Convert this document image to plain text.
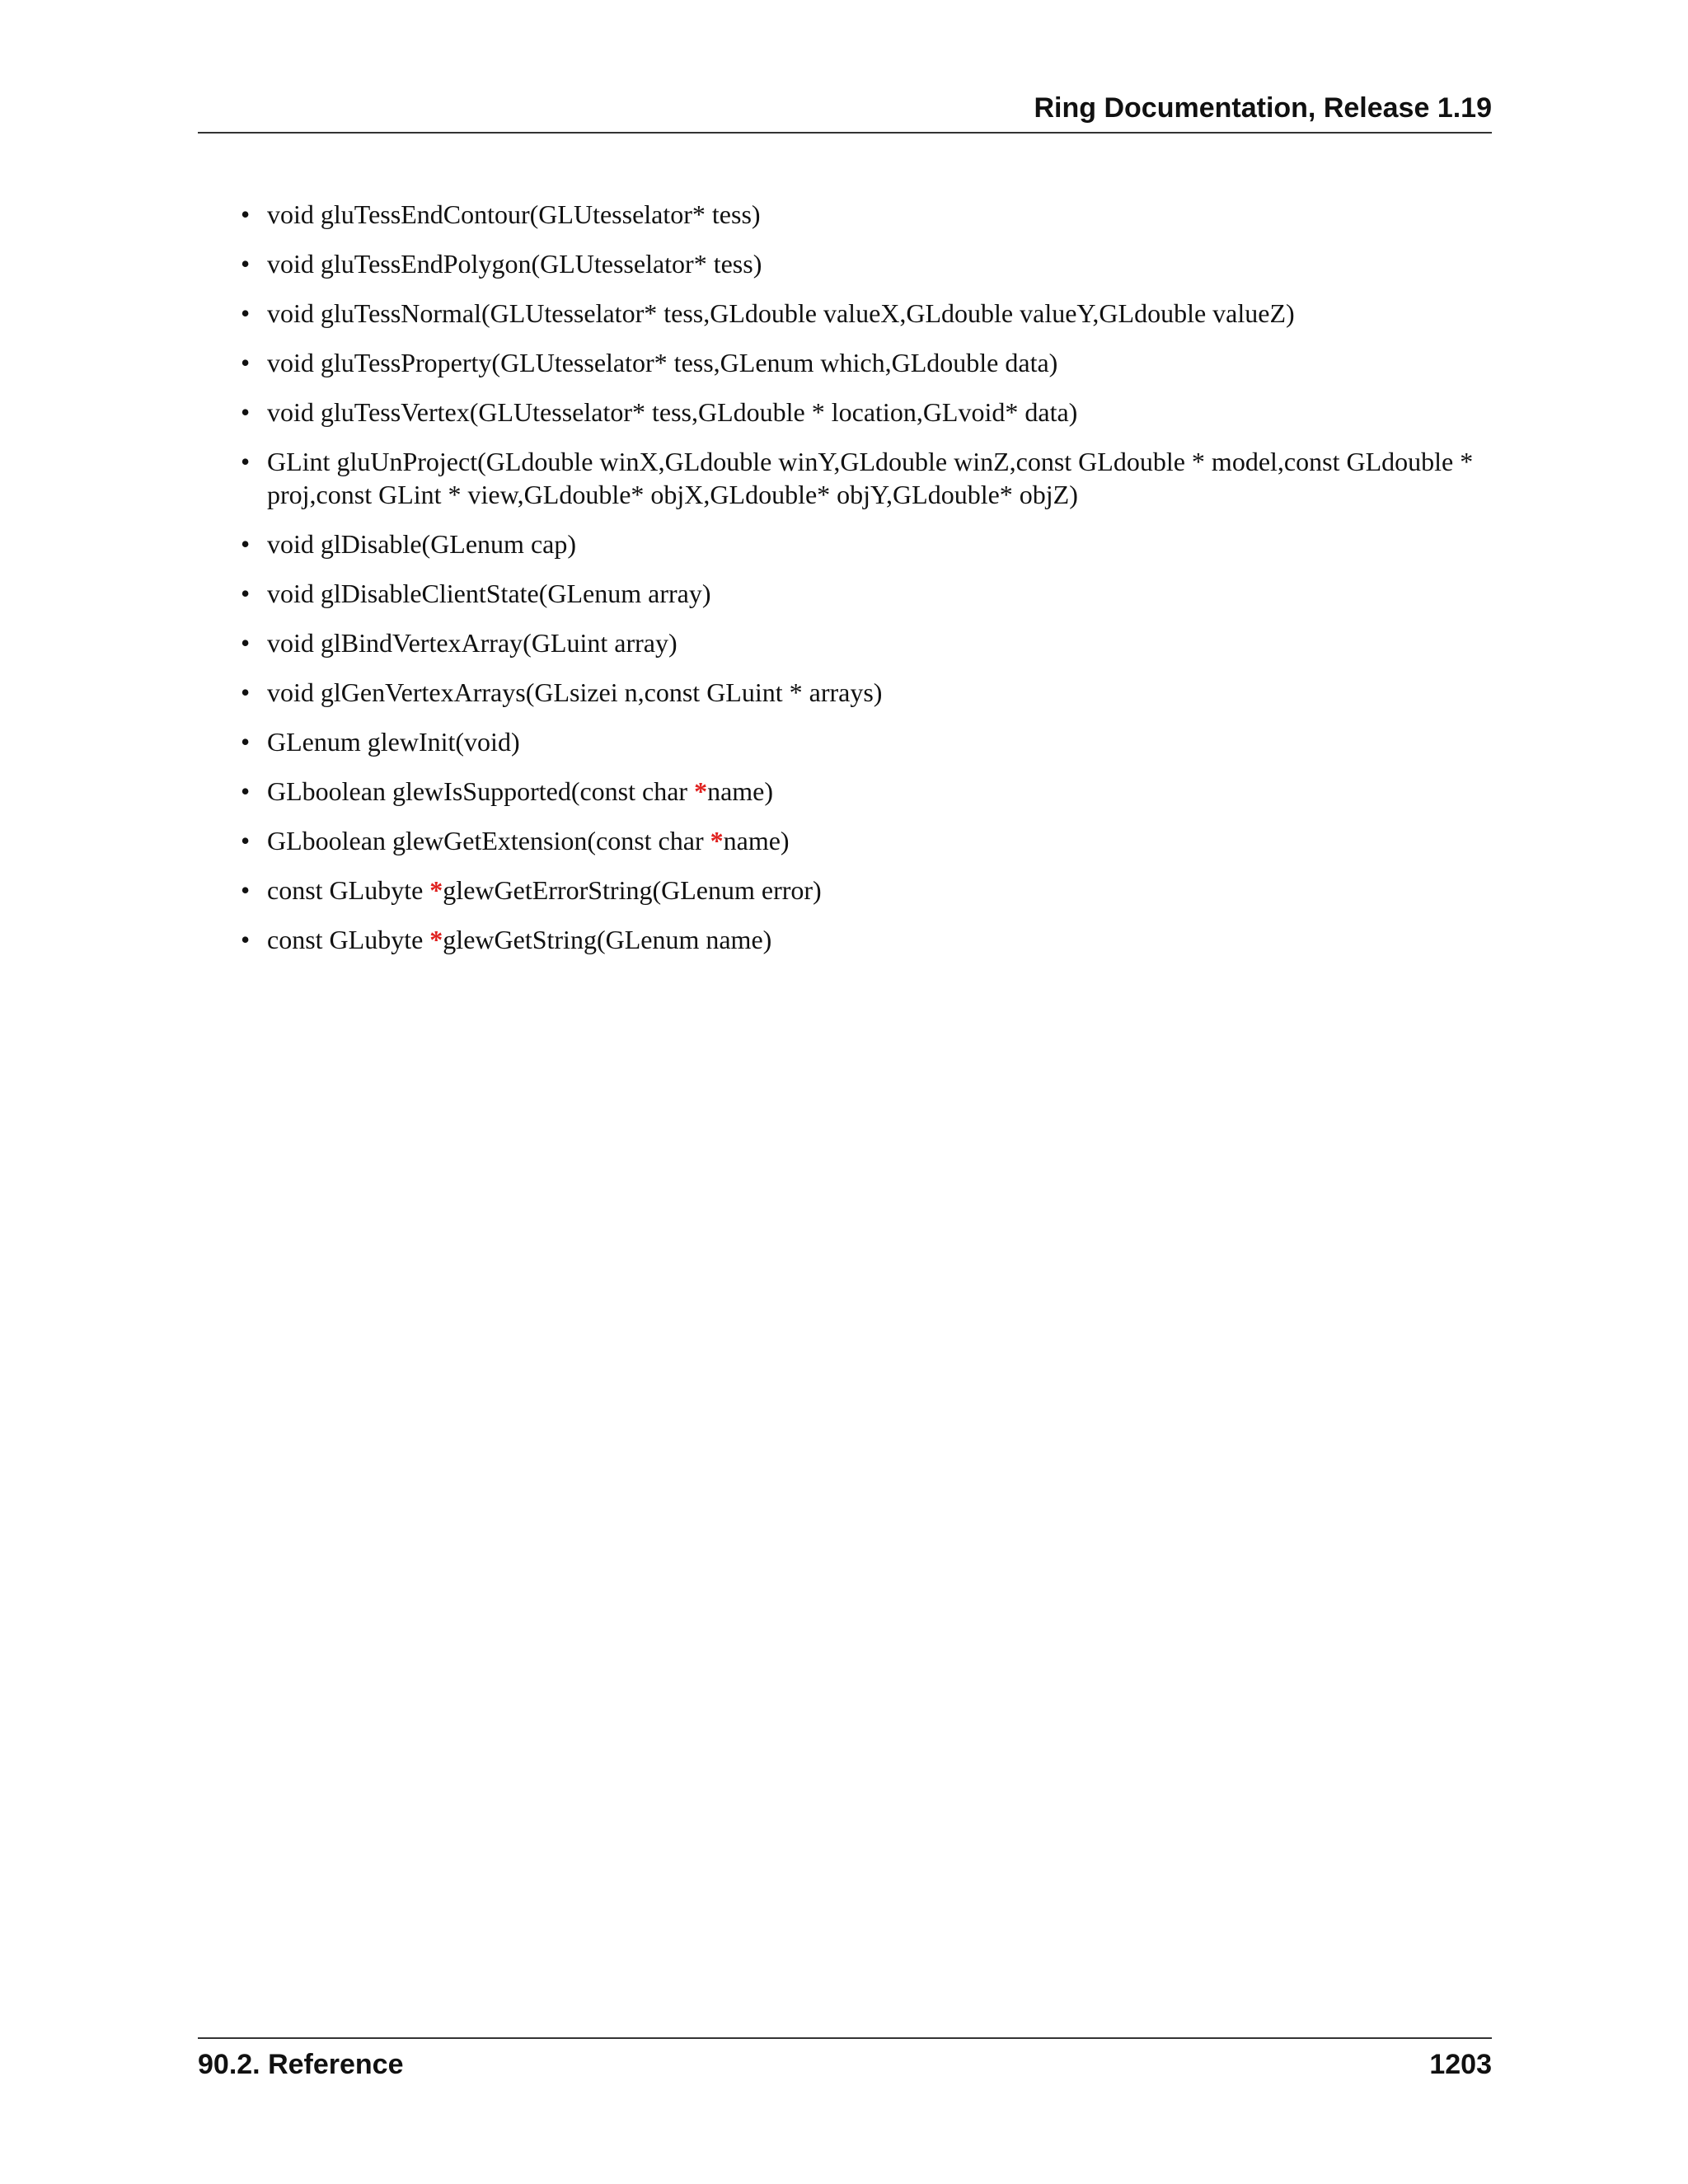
Ring Documentation, Release 1.19
• void gluTessEndContour(GLUtesselator* tess)
• void gluTessEndPolygon(GLUtesselator* tess)
• void gluTessNormal(GLUtesselator* tess,GLdouble valueX,GLdouble valueY,GLdouble valueZ)
• void gluTessProperty(GLUtesselator* tess,GLenum which,GLdouble data)
• void gluTessVertex(GLUtesselator* tess,GLdouble * location,GLvoid* data)
• GLint gluUnProject(GLdouble winX,GLdouble winY,GLdouble winZ,const GLdouble * model,const GLdouble * proj,const GLint * view,GLdouble* objX,GLdouble* objY,GLdouble* objZ)
• void glDisable(GLenum cap)
• void glDisableClientState(GLenum array)
• void glBindVertexArray(GLuint array)
• void glGenVertexArrays(GLsizei n,const GLuint * arrays)
• GLenum glewInit(void)
• GLboolean glewIsSupported(const char *name)
• GLboolean glewGetExtension(const char *name)
• const GLubyte *glewGetErrorString(GLenum error)
• const GLubyte *glewGetString(GLenum name)
90.2. Reference	1203
